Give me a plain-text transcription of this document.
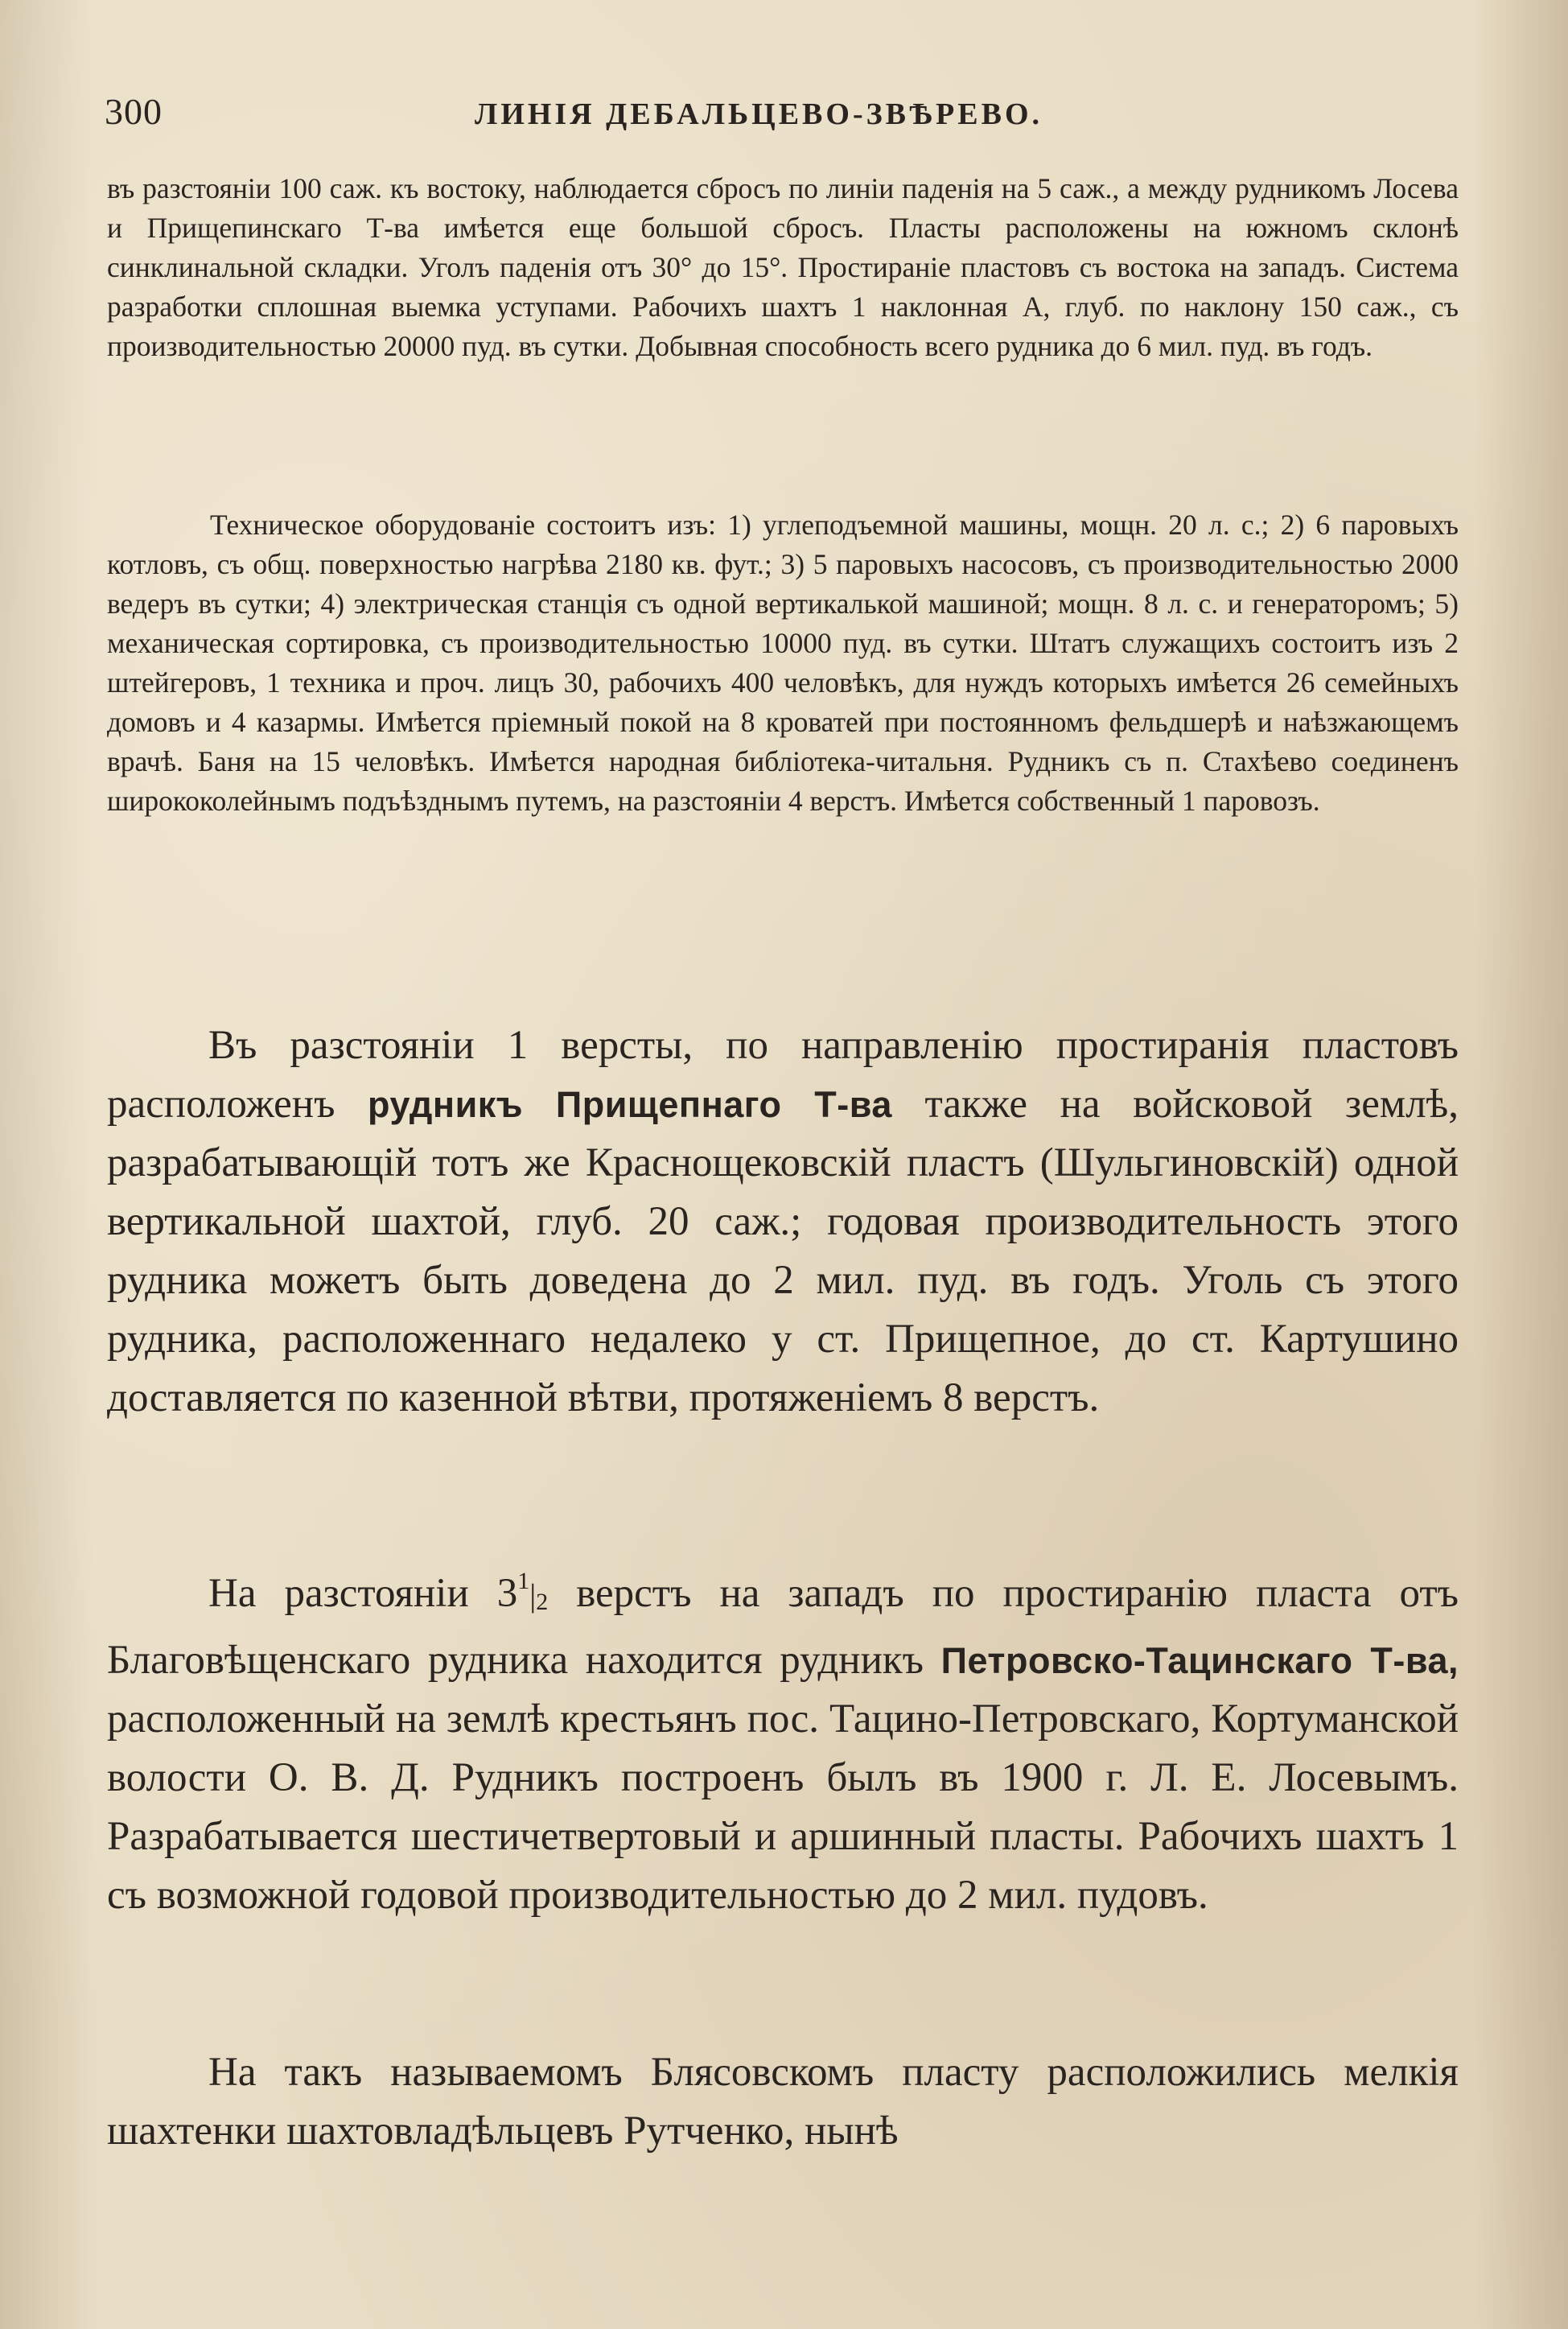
300	ЛИНІЯ ДЕБАЛЬЦЕВО-ЗВѢРЕВО.

въ разстояніи 100 саж. къ востоку, наблюдается сбросъ по линіи паденія на 5 саж., а между рудникомъ Лосева и Прищепинскаго Т-ва имѣется еще большой сбросъ. Пласты расположены на южномъ склонѣ синклинальной складки. Уголъ паденія отъ 30° до 15°. Простираніе пластовъ съ востока на западъ. Система разработки сплошная выемка уступами. Рабочихъ шахтъ 1 наклонная А, глуб. по наклону 150 саж., съ производительностью 20000 пуд. въ сутки. Добывная способность всего рудника до 6 мил. пуд. въ годъ.

Техническое оборудованіе состоитъ изъ: 1) углеподъемной машины, мощн. 20 л. с.; 2) 6 паровыхъ котловъ, съ общ. поверхностью нагрѣва 2180 кв. фут.; 3) 5 паровыхъ насосовъ, съ производительностью 2000 ведеръ въ сутки; 4) электрическая станція съ одной вертикалькой машиной; мощн. 8 л. с. и генераторомъ; 5) механическая сортировка, съ производительностью 10000 пуд. въ сутки. Штатъ служащихъ состоитъ изъ 2 штейгеровъ, 1 техника и проч. лицъ 30, рабочихъ 400 человѣкъ, для нуждъ которыхъ имѣется 26 семейныхъ домовъ и 4 казармы. Имѣется пріемный покой на 8 кроватей при постоянномъ фельдшерѣ и наѣзжающемъ врачѣ. Баня на 15 человѣкъ. Имѣется народная библіотека-читальня. Рудникъ съ п. Стахѣево соединенъ ширококолейнымъ подъѣзднымъ путемъ, на разстояніи 4 верстъ. Имѣется собственный 1 паровозъ.

Въ разстояніи 1 версты, по направленію простиранія пластовъ расположенъ рудникъ Прищепнаго Т-ва также на войсковой землѣ, разрабатывающій тотъ же Краснощековскій пластъ (Шульгиновскій) одной вертикальной шахтой, глуб. 20 саж.; годовая производительность этого рудника можетъ быть доведена до 2 мил. пуд. въ годъ. Уголь съ этого рудника, расположеннаго недалеко у ст. Прищепное, до ст. Картушино доставляется по казенной вѣтви, протяженіемъ 8 верстъ.

На разстояніи $3^1|2$ верстъ на западъ по простиранію пласта отъ Благовѣщенскаго рудника находится рудникъ Петровско-Тацинскаго Т-ва, расположенный на землѣ крестьянъ пос. Тацино-Петровскаго, Кортуманской волости О. В. Д. Рудникъ построенъ былъ въ 1900 г. Л. Е. Лосевымъ. Разрабатывается шестичетвертовый и аршинный пласты. Рабочихъ шахтъ 1 съ возможной годовой производительностью до 2 мил. пудовъ.

На такъ называемомъ Блясовскомъ пласту расположились мелкія шахтенки шахтовладѣльцевъ Рутченко, нынѣ
